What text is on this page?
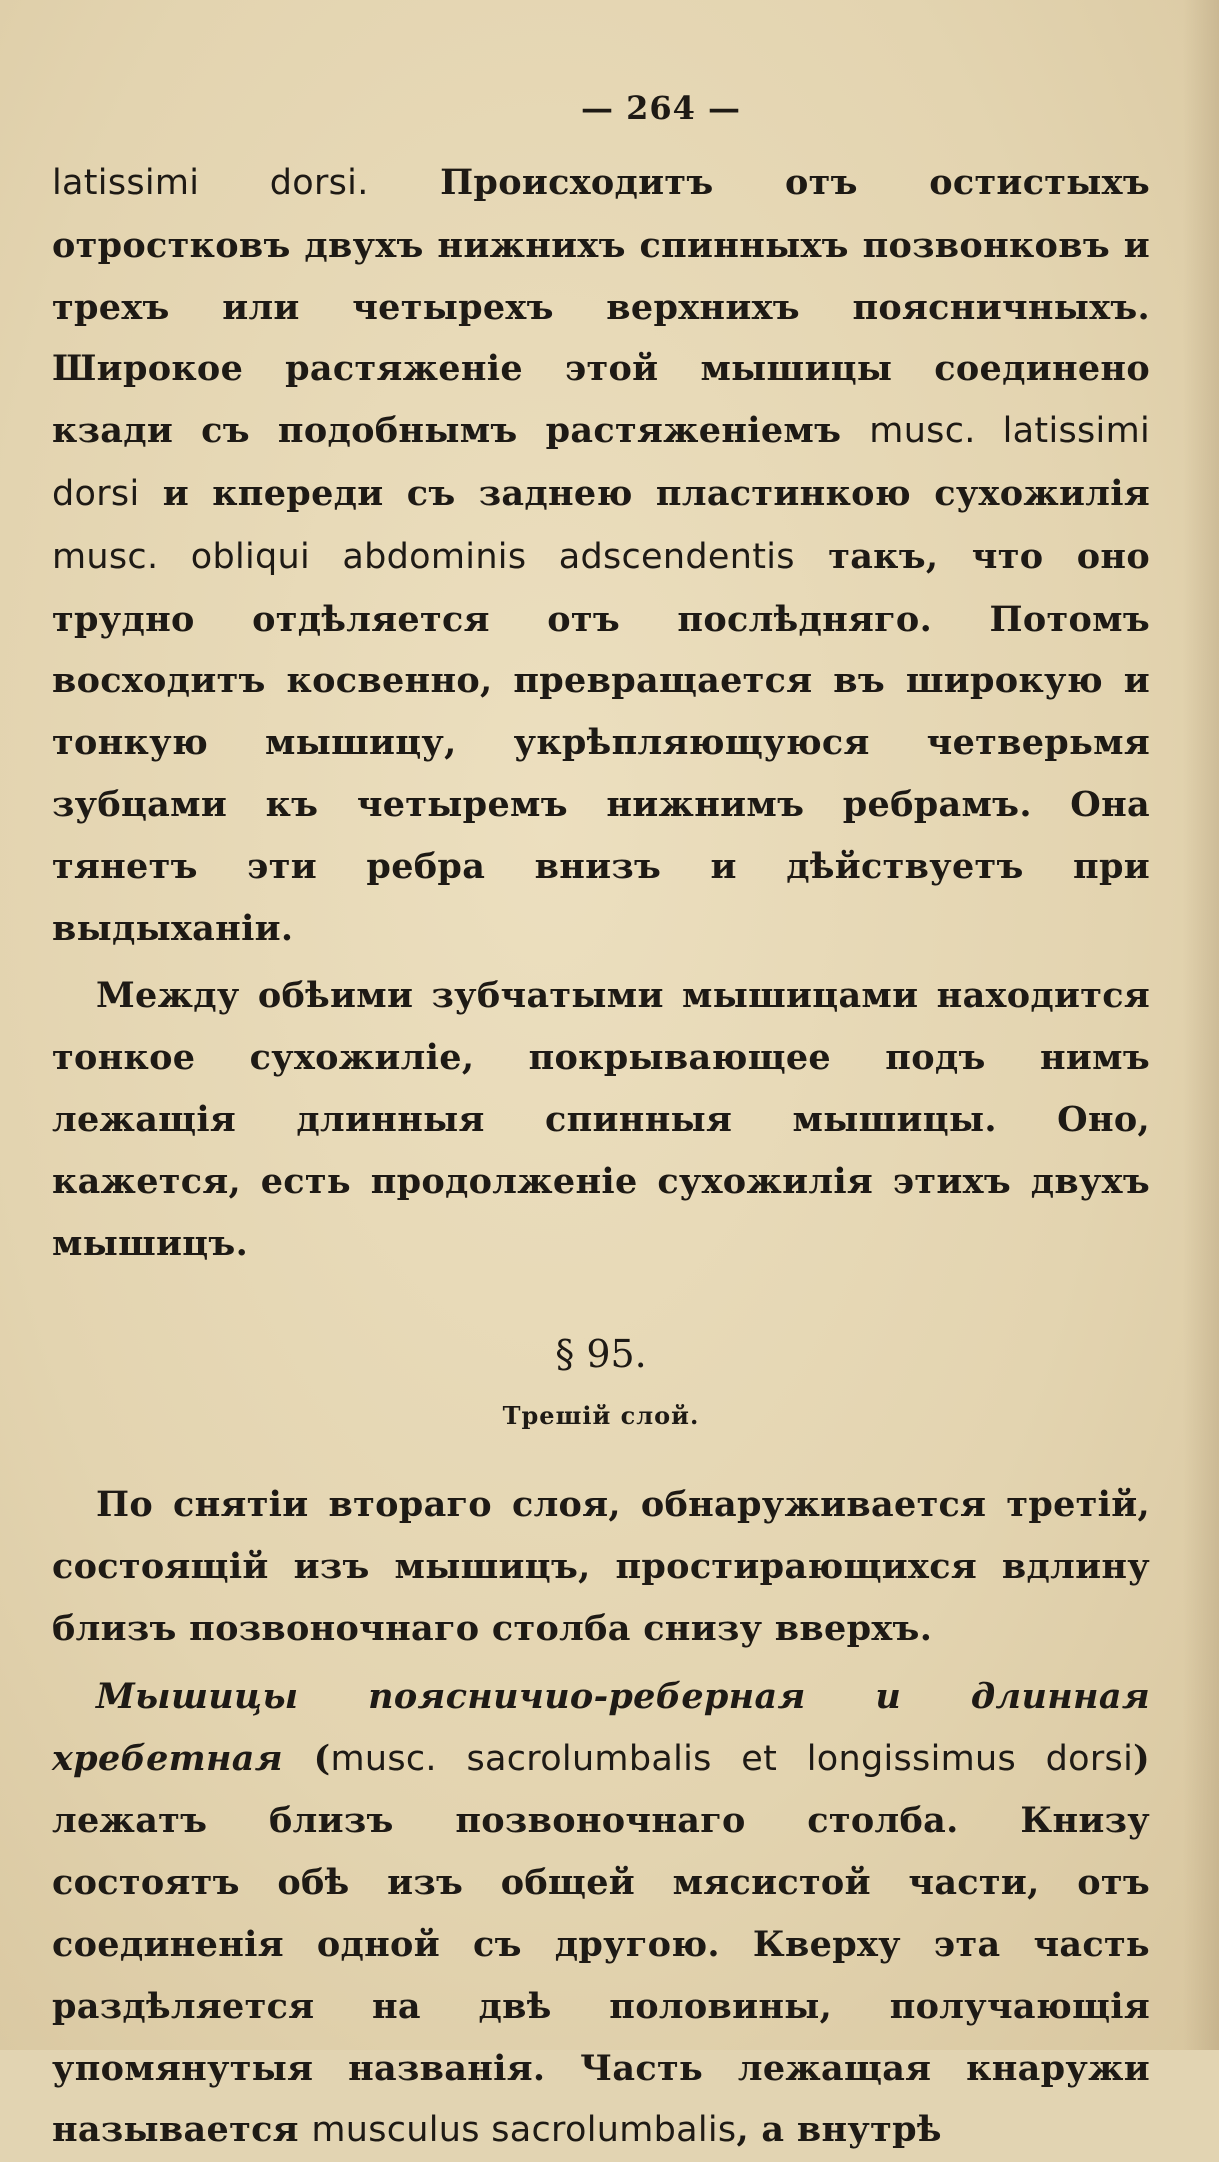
— 264 —

latissimi dorsi. Происходитъ отъ остистыхъ отростковъ двухъ нижнихъ спинныхъ позвонковъ и трехъ или четырехъ верхнихъ поясничныхъ. Широкое растяженіе этой мышицы соединено кзади съ подобнымъ растяженіемъ musc. latissimi dorsi и кпереди съ заднею пластинкою сухожилія musc. obliqui abdominis adscendentis такъ, что оно трудно отдѣляется отъ послѣдняго. Потомъ восходитъ косвенно, превращается въ широкую и тонкую мышицу, укрѣпляющуюся четверьмя зубцами къ четыремъ нижнимъ ребрамъ. Она тянетъ эти ребра внизъ и дѣйствуетъ при выдыханіи.

Между обѣими зубчатыми мышицами находится тонкое сухожиліе, покрывающее подъ нимъ лежащія длинныя спинныя мышицы. Оно, кажется, есть продолженіе сухожилія этихъ двухъ мышицъ.

§ 95.
Трешій слой.

По снятіи втораго слоя, обнаруживается третій, состоящій изъ мышицъ, простирающихся вдлину близъ позвоночнаго столба снизу вверхъ.

Мышицы поясничио-реберная и длинная хребетная (musc. sacrolumbalis et longissimus dorsi) лежатъ близъ позвоночнаго столба. Книзу состоятъ обѣ изъ общей мясистой части, отъ соединенія одной съ другою. Кверху эта часть раздѣляется на двѣ половины, получающія упомянутыя названія. Часть лежащая кнаружи называется musculus sacrolumbalis, а внутрѣ
